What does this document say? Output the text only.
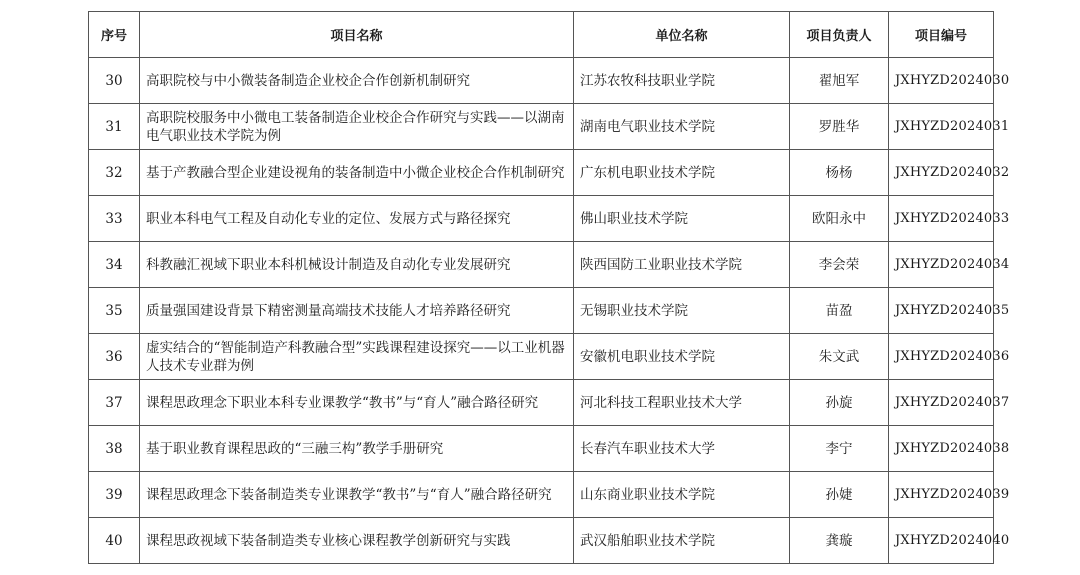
序号	项目名称	单位名称	项目负责人	项目编号
30	高职院校与中小微装备制造企业校企合作创新机制研究	江苏农牧科技职业学院	翟旭军	JXHYZD2024030
31	高职院校服务中小微电工装备制造企业校企合作研究与实践——以湖南电气职业技术学院为例	湖南电气职业技术学院	罗胜华	JXHYZD2024031
32	基于产教融合型企业建设视角的装备制造中小微企业校企合作机制研究	广东机电职业技术学院	杨杨	JXHYZD2024032
33	职业本科电气工程及自动化专业的定位、发展方式与路径探究	佛山职业技术学院	欧阳永中	JXHYZD2024033
34	科教融汇视域下职业本科机械设计制造及自动化专业发展研究	陕西国防工业职业技术学院	李会荣	JXHYZD2024034
35	质量强国建设背景下精密测量高端技术技能人才培养路径研究	无锡职业技术学院	苗盈	JXHYZD2024035
36	虚实结合的“智能制造产科教融合型”实践课程建设探究——以工业机器人技术专业群为例	安徽机电职业技术学院	朱文武	JXHYZD2024036
37	课程思政理念下职业本科专业课教学“教书”与“育人”融合路径研究	河北科技工程职业技术大学	孙旋	JXHYZD2024037
38	基于职业教育课程思政的“三融三构”教学手册研究	长春汽车职业技术大学	李宁	JXHYZD2024038
39	课程思政理念下装备制造类专业课教学“教书”与“育人”融合路径研究	山东商业职业技术学院	孙婕	JXHYZD2024039
40	课程思政视域下装备制造类专业核心课程教学创新研究与实践	武汉船舶职业技术学院	龚璇	JXHYZD2024040
